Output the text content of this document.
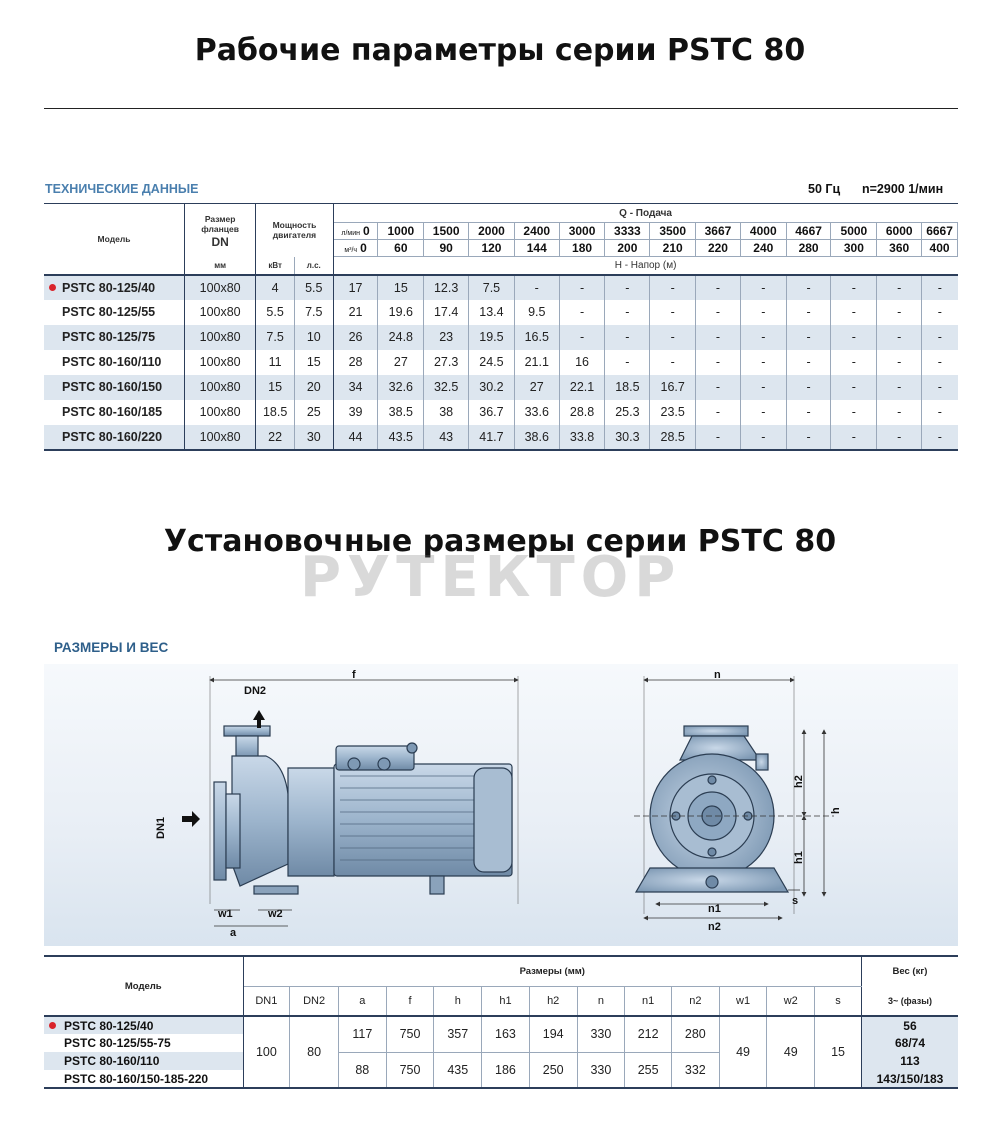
Рабочие параметры серии PSTC 80
ТЕХНИЧЕСКИЕ ДАННЫЕ	50 Гц n=2900 1/мин
Модель	Размер фланцев
DN	Мощность двигателя		Q - Подача													
				л/мин 0	1000	1500	2000	2400	3000	3333	3500	3667	4000	4667	5000	6000	6667
				м³/ч 0	60	90	120	144	180	200	210	220	240	280	300	360	400
	мм	кВт	л.с.	H - Напор (м)													

PSTC 80-125/40	100x80	4	5.5	17	15	12.3	7.5	-	-	-	-	-	-	-	-	-	-
PSTC 80-125/55	100x80	5.5	7.5	21	19.6	17.4	13.4	9.5	-	-	-	-	-	-	-	-	-
PSTC 80-125/75	100x80	7.5	10	26	24.8	23	19.5	16.5	-	-	-	-	-	-	-	-	-
PSTC 80-160/110	100x80	11	15	28	27	27.3	24.5	21.1	16	-	-	-	-	-	-	-	-
PSTC 80-160/150	100x80	15	20	34	32.6	32.5	30.2	27	22.1	18.5	16.7	-	-	-	-	-	-
PSTC 80-160/185	100x80	18.5	25	39	38.5	38	36.7	33.6	28.8	25.3	23.5	-	-	-	-	-	-
PSTC 80-160/220	100x80	22	30	44	43.5	43	41.7	38.6	33.8	30.3	28.5	-	-	-	-	-	-
Установочные размеры серии PSTC 80
РУТЕКТОР
РАЗМЕРЫ И ВЕС
DN2
f
DN1
w1	w2
a
n
h
h2
h1
n1
n2
s
Модель	Размеры (мм)													Вес (кг)
	DN1	DN2	a	f	h	h1	h2	n	n1	n2	w1	w2	s	3~ (фазы)

PSTC 80-125/40	100	80	117	750	357	163	194	330	212	280	49	49	15	56
PSTC 80-125/55-75														68/74
PSTC 80-160/110			88	750	435	186	250	330	255	332				113
PSTC 80-160/150-185-220														143/150/183
